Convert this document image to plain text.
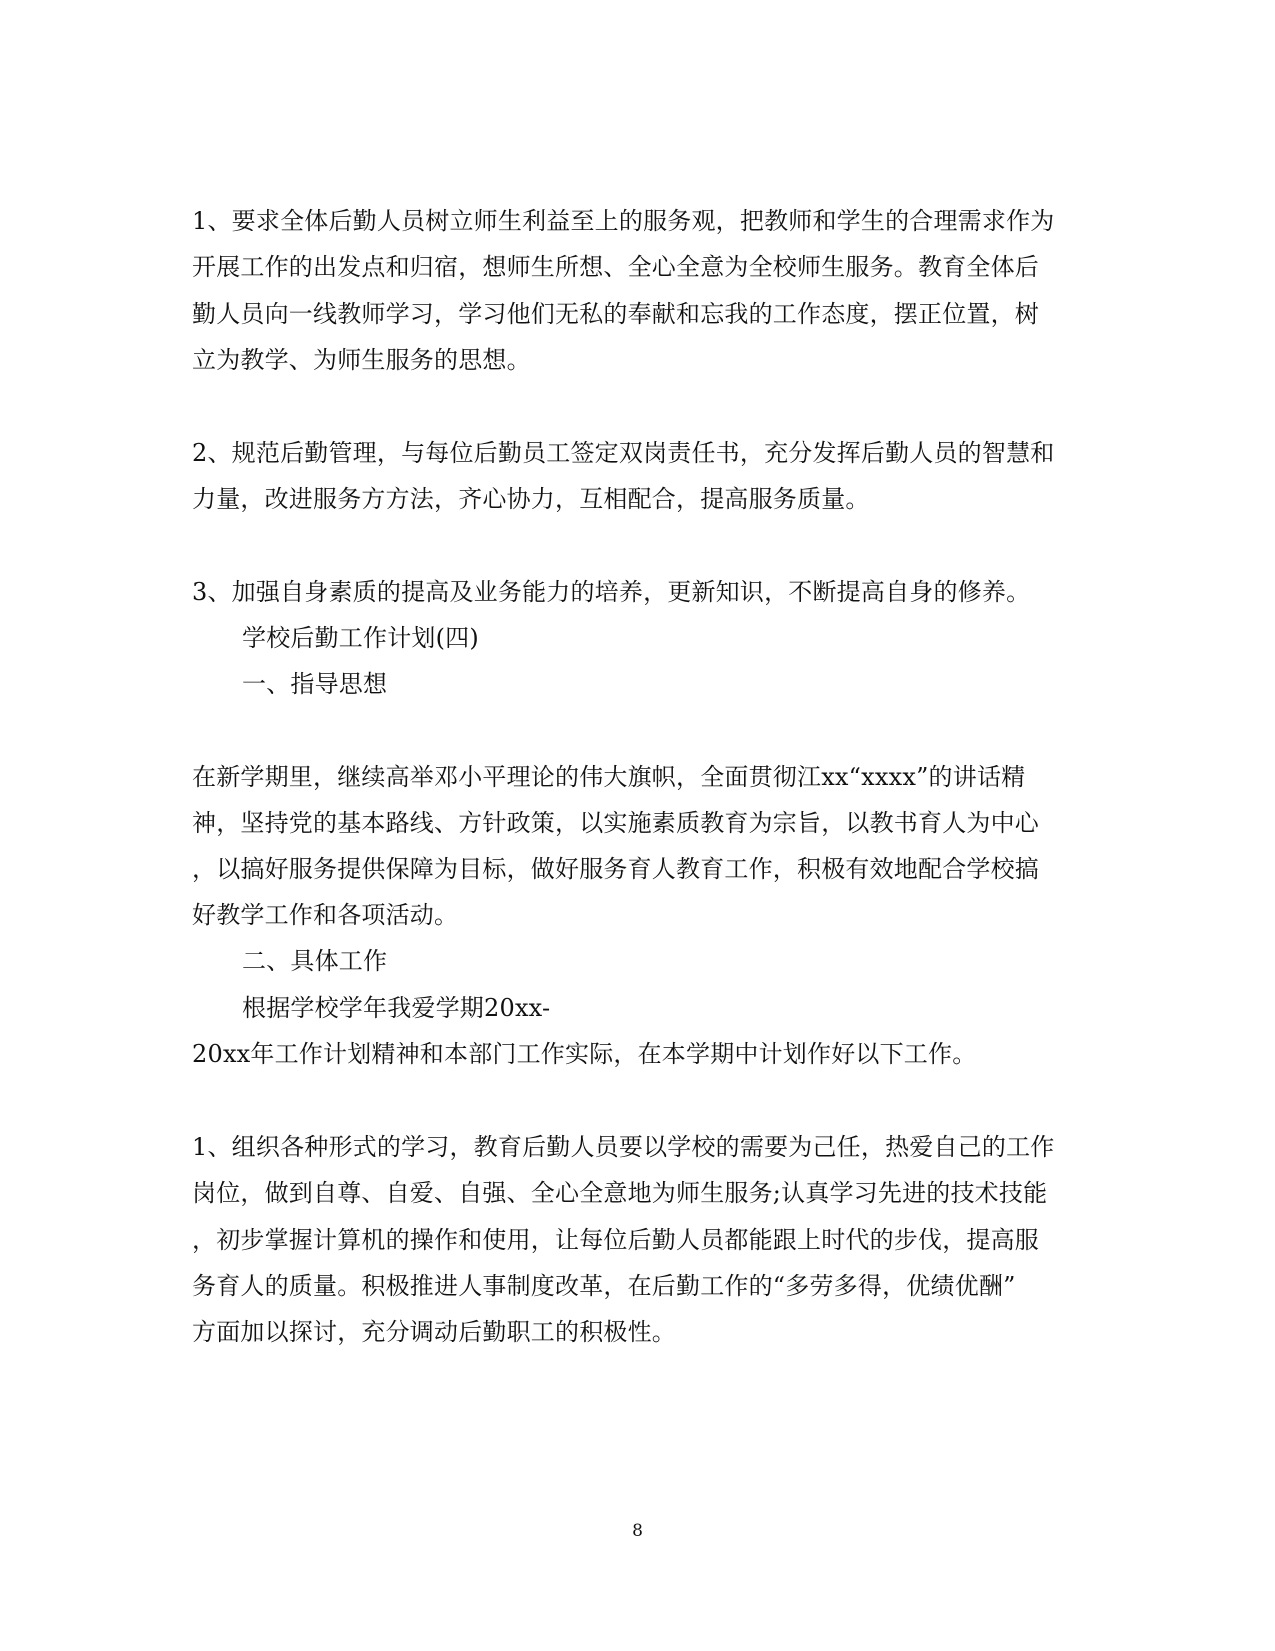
1、要求全体后勤人员树立师生利益至上的服务观，把教师和学生的合理需求作为
开展工作的出发点和归宿，想师生所想、全心全意为全校师生服务。教育全体后
勤人员向一线教师学习，学习他们无私的奉献和忘我的工作态度，摆正位置，树
立为教学、为师生服务的思想。
2、规范后勤管理，与每位后勤员工签定双岗责任书，充分发挥后勤人员的智慧和
力量，改进服务方方法，齐心协力，互相配合，提高服务质量。
3、加强自身素质的提高及业务能力的培养，更新知识，不断提高自身的修养。
学校后勤工作计划(四)
一、指导思想
在新学期里，继续高举邓小平理论的伟大旗帜，全面贯彻江xx“xxxx”的讲话精
神，坚持党的基本路线、方针政策，以实施素质教育为宗旨，以教书育人为中心
，以搞好服务提供保障为目标，做好服务育人教育工作，积极有效地配合学校搞
好教学工作和各项活动。
二、具体工作
根据学校学年我爱学期20xx-
20xx年工作计划精神和本部门工作实际，在本学期中计划作好以下工作。
1、组织各种形式的学习，教育后勤人员要以学校的需要为己任，热爱自己的工作
岗位，做到自尊、自爱、自强、全心全意地为师生服务;认真学习先进的技术技能
，初步掌握计算机的操作和使用，让每位后勤人员都能跟上时代的步伐，提高服
务育人的质量。积极推进人事制度改革，在后勤工作的“多劳多得，优绩优酬”
方面加以探讨，充分调动后勤职工的积极性。
8
